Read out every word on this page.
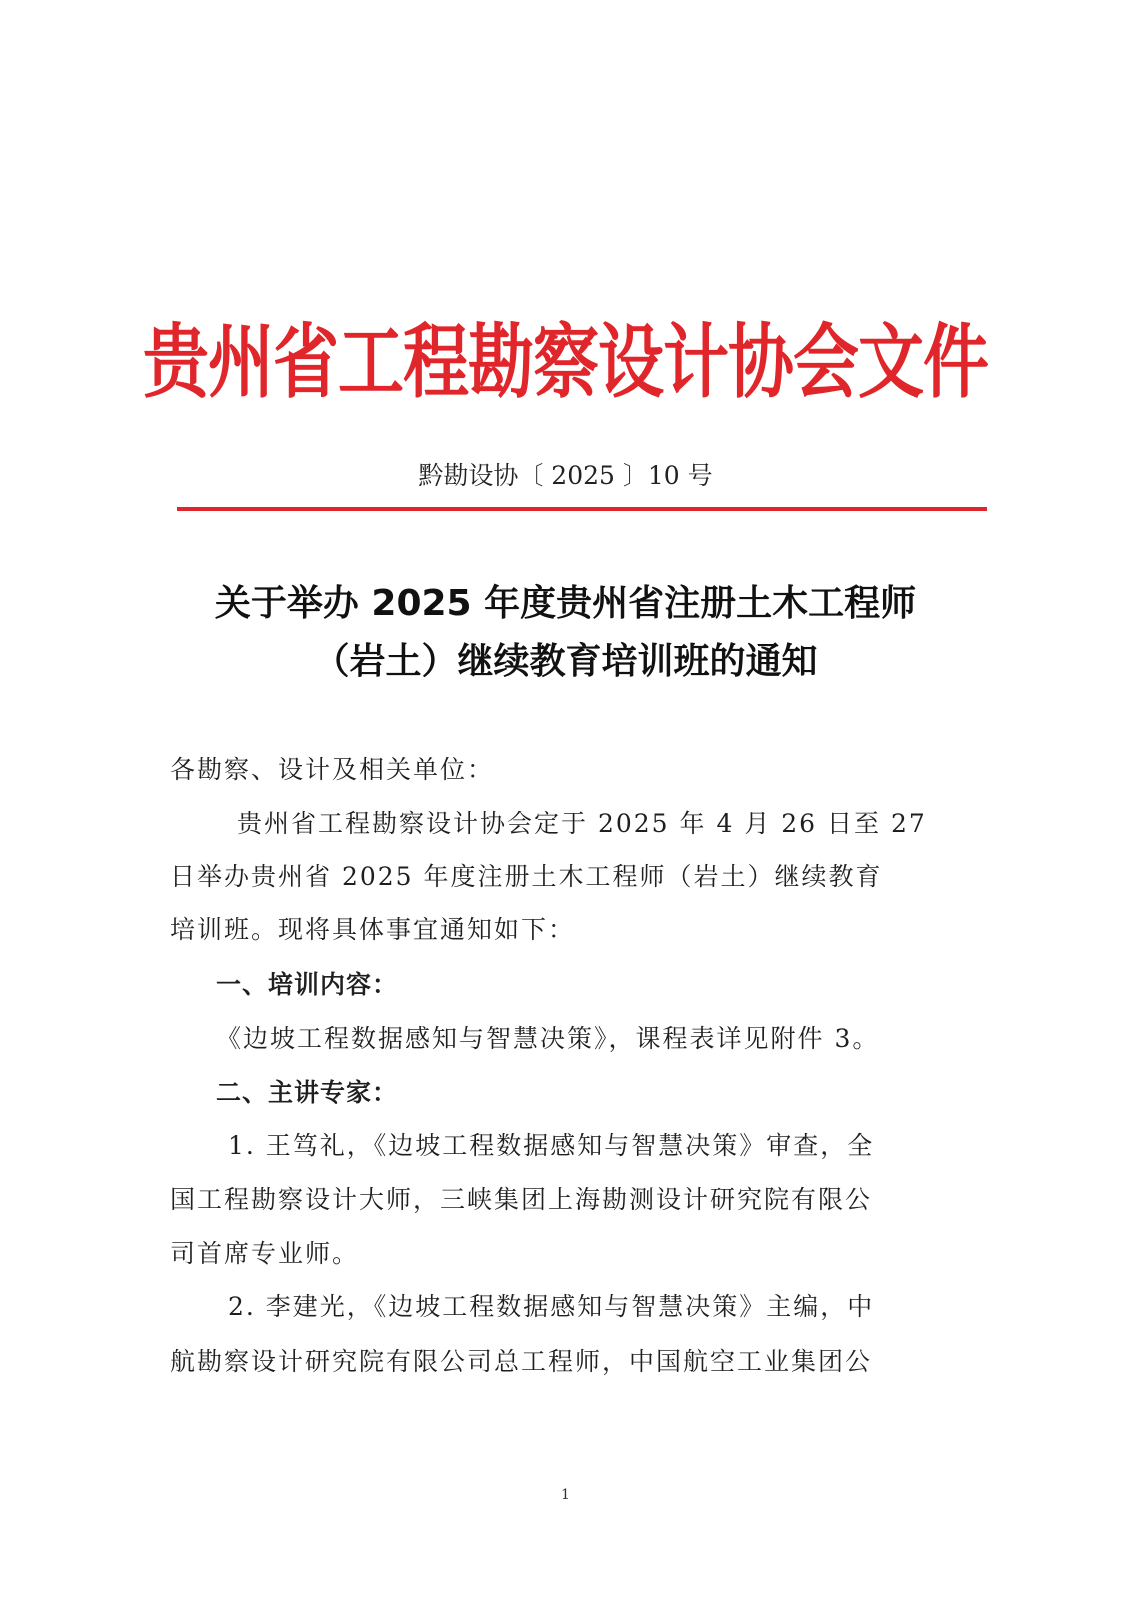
贵州省工程勘察设计协会文件
黔勘设协〔 2025 〕10 号
关于举办 2025 年度贵州省注册土木工程师
（岩土）继续教育培训班的通知
各勘察、设计及相关单位：
贵州省工程勘察设计协会定于 2025 年 4 月 26 日至 27
日举办贵州省 2025 年度注册土木工程师（岩土）继续教育
培训班。现将具体事宜通知如下：
一、培训内容：
《边坡工程数据感知与智慧决策》，课程表详见附件 3。
二、主讲专家：
1. 王笃礼，《边坡工程数据感知与智慧决策》审查，全
国工程勘察设计大师，三峡集团上海勘测设计研究院有限公
司首席专业师。
2. 李建光，《边坡工程数据感知与智慧决策》主编，中
航勘察设计研究院有限公司总工程师，中国航空工业集团公
1
